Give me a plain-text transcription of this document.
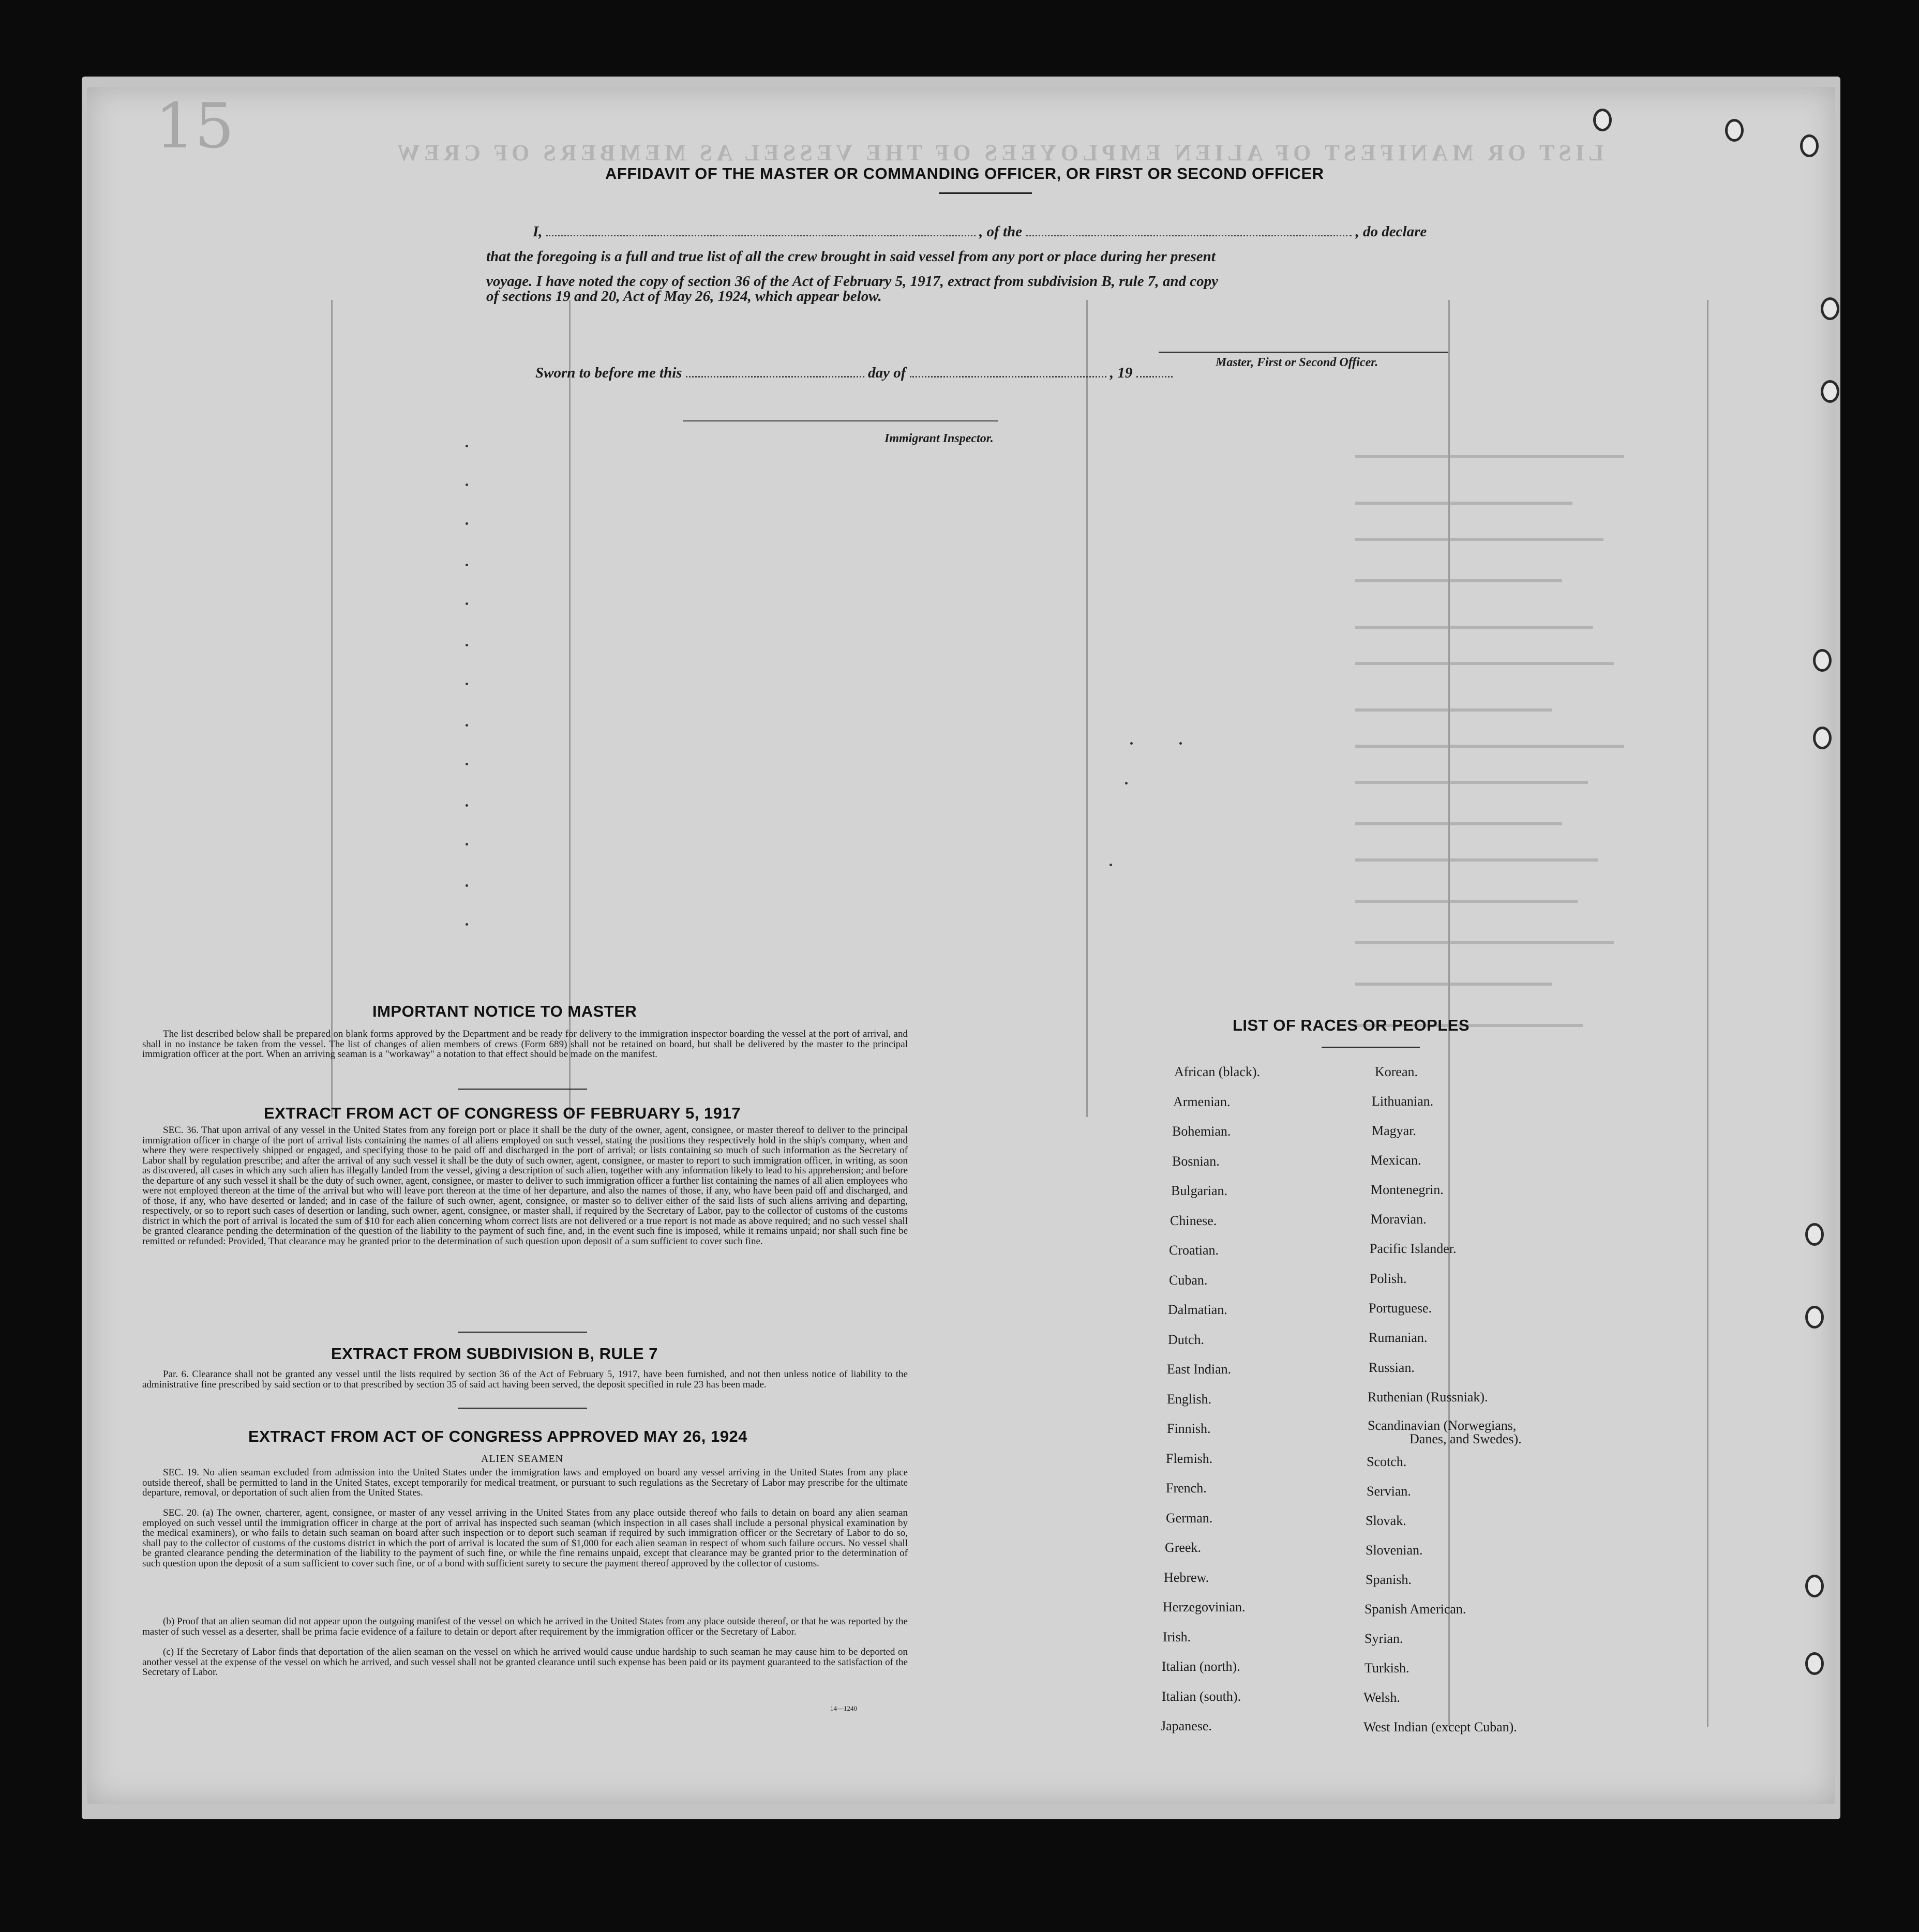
LIST OR MANIFEST OF ALIEN EMPLOYEES OF THE VESSEL AS MEMBERS OF CREW
15
AFFIDAVIT OF THE MASTER OR COMMANDING OFFICER, OR FIRST OR SECOND OFFICER
I,	, of the	, do declare
that the foregoing is a full and true list of all the crew brought in said vessel from any port or place during her present
voyage. I have noted the copy of section 36 of the Act of February 5, 1917, extract from subdivision B, rule 7, and copy
of sections 19 and 20, Act of May 26, 1924, which appear below.
Master, First or Second Officer.
Sworn to before me this	day of	, 19
Immigrant Inspector.
IMPORTANT NOTICE TO MASTER
The list described below shall be prepared on blank forms approved by the Department and be ready for delivery to the immigration inspector boarding the vessel at the port of arrival, and shall in no instance be taken from the vessel. The list of changes of alien members of crews (Form 689) shall not be retained on board, but shall be delivered by the master to the principal immigration officer at the port. When an arriving seaman is a "workaway" a notation to that effect should be made on the manifest.
EXTRACT FROM ACT OF CONGRESS OF FEBRUARY 5, 1917
SEC. 36. That upon arrival of any vessel in the United States from any foreign port or place it shall be the duty of the owner, agent, consignee, or master thereof to deliver to the principal immigration officer in charge of the port of arrival lists containing the names of all aliens employed on such vessel, stating the positions they respectively hold in the ship's company, when and where they were respectively shipped or engaged, and specifying those to be paid off and discharged in the port of arrival; or lists containing so much of such information as the Secretary of Labor shall by regulation prescribe; and after the arrival of any such vessel it shall be the duty of such owner, agent, consignee, or master to report to such immigration officer, in writing, as soon as discovered, all cases in which any such alien has illegally landed from the vessel, giving a description of such alien, together with any information likely to lead to his apprehension; and before the departure of any such vessel it shall be the duty of such owner, agent, consignee, or master to deliver to such immigration officer a further list containing the names of all alien employees who were not employed thereon at the time of the arrival but who will leave port thereon at the time of her departure, and also the names of those, if any, who have been paid off and discharged, and of those, if any, who have deserted or landed; and in case of the failure of such owner, agent, consignee, or master so to deliver either of the said lists of such aliens arriving and departing, respectively, or so to report such cases of desertion or landing, such owner, agent, consignee, or master shall, if required by the Secretary of Labor, pay to the collector of customs of the customs district in which the port of arrival is located the sum of $10 for each alien concerning whom correct lists are not delivered or a true report is not made as above required; and no such vessel shall be granted clearance pending the determination of the question of the liability to the payment of such fine, and, in the event such fine is imposed, while it remains unpaid; nor shall such fine be remitted or refunded: Provided, That clearance may be granted prior to the determination of such question upon deposit of a sum sufficient to cover such fine.
EXTRACT FROM SUBDIVISION B, RULE 7
Par. 6. Clearance shall not be granted any vessel until the lists required by section 36 of the Act of February 5, 1917, have been furnished, and not then unless notice of liability to the administrative fine prescribed by said section or to that prescribed by section 35 of said act having been served, the deposit specified in rule 23 has been made.
EXTRACT FROM ACT OF CONGRESS APPROVED MAY 26, 1924
ALIEN SEAMEN
SEC. 19. No alien seaman excluded from admission into the United States under the immigration laws and employed on board any vessel arriving in the United States from any place outside thereof, shall be permitted to land in the United States, except temporarily for medical treatment, or pursuant to such regulations as the Secretary of Labor may prescribe for the ultimate departure, removal, or deportation of such alien from the United States.
SEC. 20. (a) The owner, charterer, agent, consignee, or master of any vessel arriving in the United States from any place outside thereof who fails to detain on board any alien seaman employed on such vessel until the immigration officer in charge at the port of arrival has inspected such seaman (which inspection in all cases shall include a personal physical examination by the medical examiners), or who fails to detain such seaman on board after such inspection or to deport such seaman if required by such immigration officer or the Secretary of Labor to do so, shall pay to the collector of customs of the customs district in which the port of arrival is located the sum of $1,000 for each alien seaman in respect of whom such failure occurs. No vessel shall be granted clearance pending the determination of the liability to the payment of such fine, or while the fine remains unpaid, except that clearance may be granted prior to the determination of such question upon the deposit of a sum sufficient to cover such fine, or of a bond with sufficient surety to secure the payment thereof approved by the collector of customs.
(b) Proof that an alien seaman did not appear upon the outgoing manifest of the vessel on which he arrived in the United States from any place outside thereof, or that he was reported by the master of such vessel as a deserter, shall be prima facie evidence of a failure to detain or deport after requirement by the immigration officer or the Secretary of Labor.
(c) If the Secretary of Labor finds that deportation of the alien seaman on the vessel on which he arrived would cause undue hardship to such seaman he may cause him to be deported on another vessel at the expense of the vessel on which he arrived, and such vessel shall not be granted clearance until such expense has been paid or its payment guaranteed to the satisfaction of the Secretary of Labor.
14—1240
LIST OF RACES OR PEOPLES
African (black).
Armenian.
Bohemian.
Bosnian.
Bulgarian.
Chinese.
Croatian.
Cuban.
Dalmatian.
Dutch.
East Indian.
English.
Finnish.
Flemish.
French.
German.
Greek.
Hebrew.
Herzegovinian.
Irish.
Italian (north).
Italian (south).
Japanese.
Korean.
Lithuanian.
Magyar.
Mexican.
Montenegrin.
Moravian.
Pacific Islander.
Polish.
Portuguese.
Rumanian.
Russian.
Ruthenian (Russniak).
Scandinavian (Norwegians,
Danes, and Swedes).
Scotch.
Servian.
Slovak.
Slovenian.
Spanish.
Spanish American.
Syrian.
Turkish.
Welsh.
West Indian (except Cuban).
